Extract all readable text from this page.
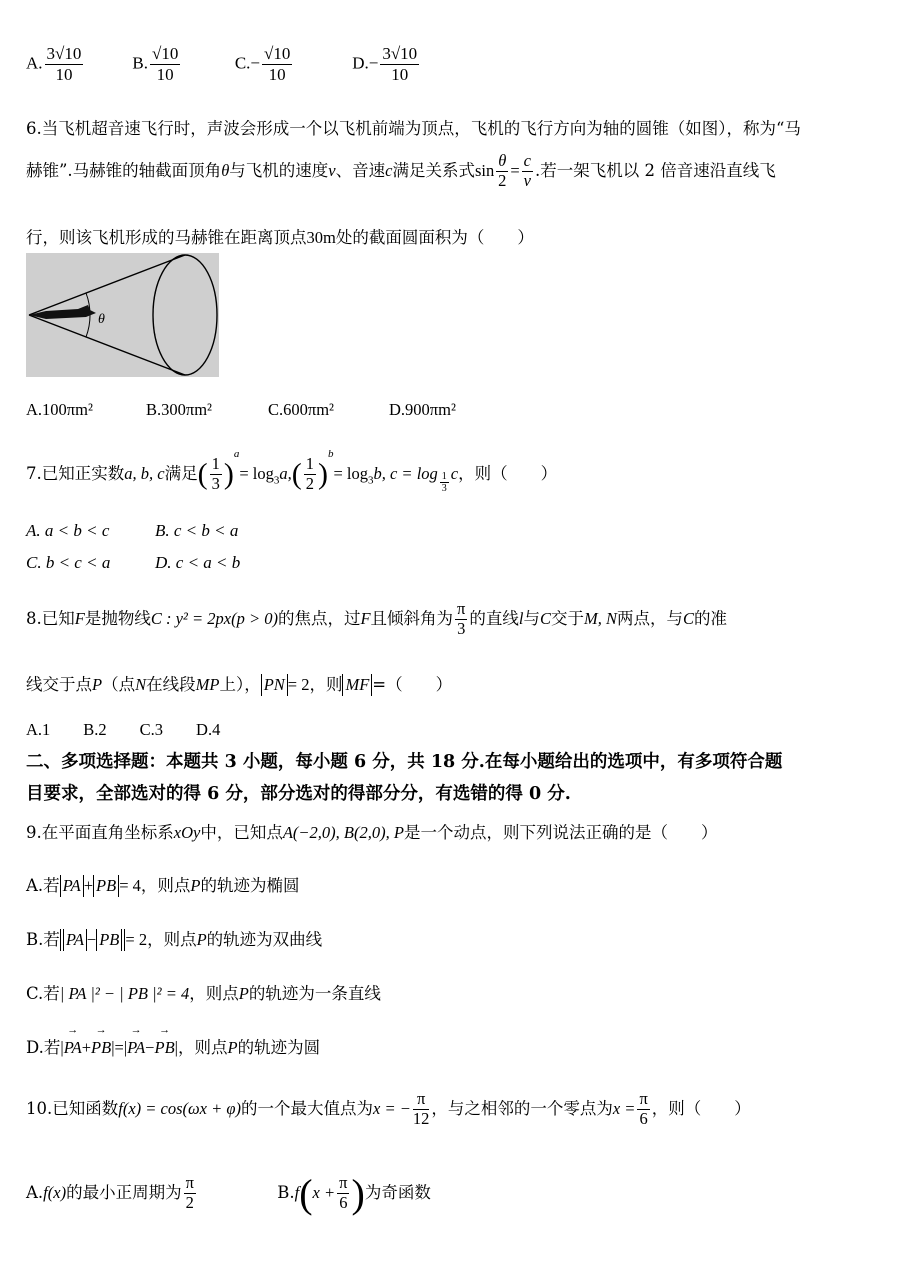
A. $\frac{3√10}{10}$	B. $\frac{√10}{10}$	$C.- \frac{√10}{10}$	$D.- \frac{3√10}{10}$
6.当飞机超音速飞行时，声波会形成一个以飞机前端为顶点，飞机的飞行方向为轴的圆锥（如图），称为“马
赫锥”.马赫锥的轴截面顶角θ与飞机的速度v、音速c满足关系式$\sin \frac{\theta}{2} = \frac{c}{v}$ .若一架飞机以 2 倍音速沿直线飞
行，则该飞机形成的马赫锥在距离顶点30m处的截面圆面积为（　　）
θ
A.100πm²	B.300πm²	C.600πm²	D.900πm²
7.已知正实数a, b, c满足( $\frac{1}{3} )^a= \log_3a,( \frac{1}{2} )^b= \log_3b$, $c = \log \frac{1}{3}$ c，则（　　）
A. a < b < c	B. c < b < a
C. b < c < a	D. c < a < b
8.已知F是抛物线C : y² = 2px(p > 0)的焦点，过F且倾斜角为 $\frac{\pi}{3}$ 的直线l与C交于M, N两点，与C的准
线交于点P（点N在线段MP上）， PN = 2，则 MF =（　　）
A.1　　B.2　　C.3　　D.4
二、多项选择题：本题共 3 小题，每小题 6 分，共 18 分.在每小题给出的选项中，有多项符合题
目要求，全部选对的得 6 分，部分选对的得部分分，有选错的得 0 分.
9.在平面直角坐标系xOy中，已知点A(−2,0), B(2,0), P是一个动点，则下列说法正确的是（　　）
A.若 PA + PB = 4，则点P的轨迹为椭圆
B.若 PA − PB = 2，则点P的轨迹为双曲线
C.若| PA |² − | PB |² = 4，则点P的轨迹为一条直线
D.若|→ PA+→ PB|=|→ PA−→ PB|，则点P的轨迹为圆
10.已知函数f(x) = cos(ωx + φ)的一个最大值点为x = − $\frac{\pi}{12}$ ，与之相邻的一个零点为$x = \frac{\pi}{6}$ ，则（　　）
A.f(x)的最小正周期为 $\frac{\pi}{2}$	$B.f(x + \frac{\pi}{6}$ )为奇函数
